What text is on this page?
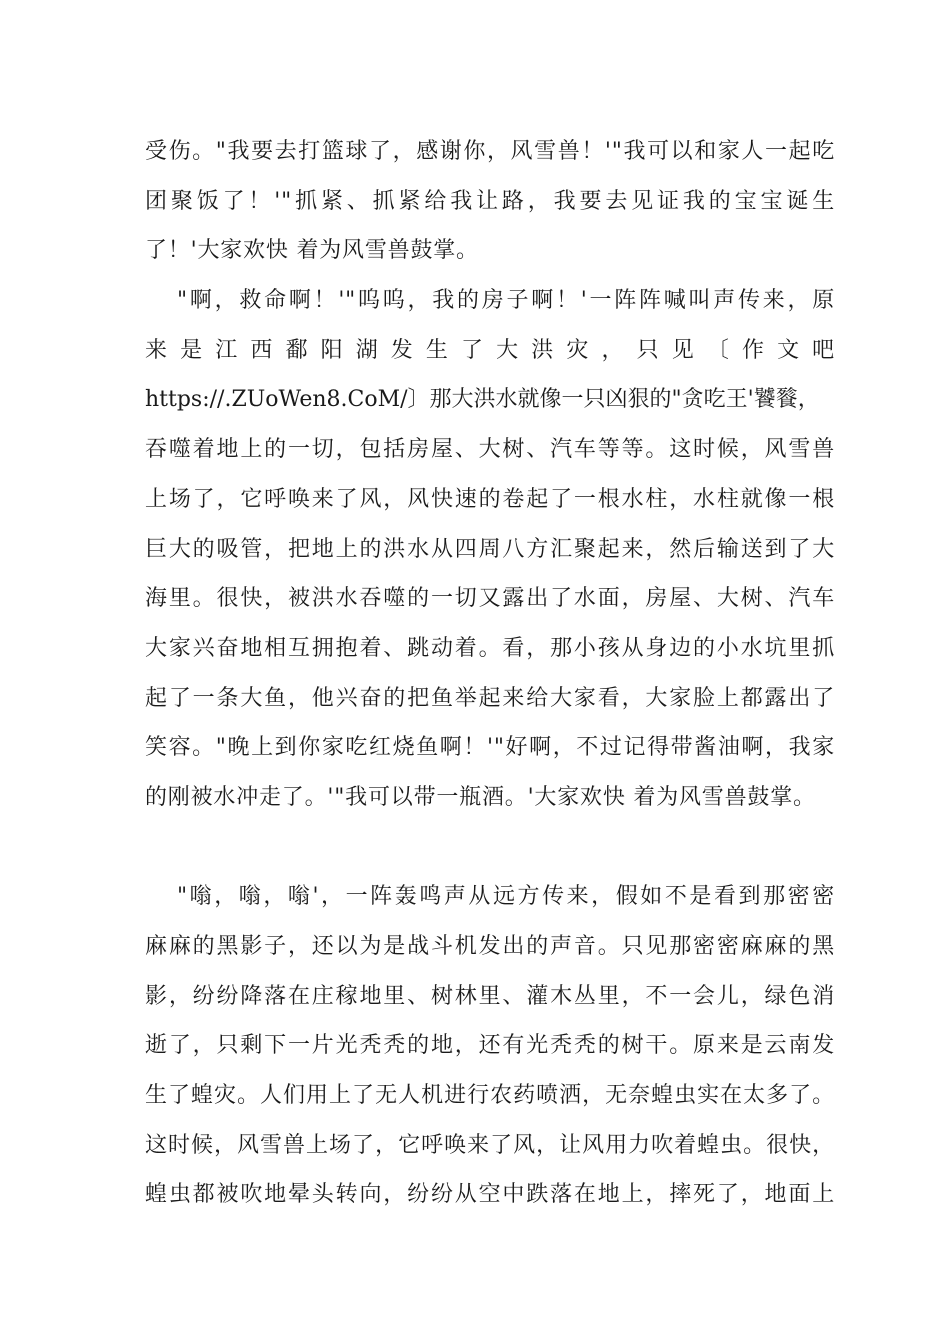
受伤。"我要去打篮球了，感谢你，风雪兽！'"我可以和家人一起吃
团聚饭了！'"抓紧、抓紧给我让路，我要去见证我的宝宝诞生
了！'大家欢快 着为风雪兽鼓掌。
"啊，救命啊！'"呜呜，我的房子啊！'一阵阵喊叫声传来，原
来是江西鄱阳湖发生了大洪灾，只见〔作文吧
https://.ZUoWen8.CoM/〕那大洪水就像一只凶狠的"贪吃王'饕餮，
吞噬着地上的一切，包括房屋、大树、汽车等等。这时候，风雪兽
上场了，它呼唤来了风，风快速的卷起了一根水柱，水柱就像一根
巨大的吸管，把地上的洪水从四周八方汇聚起来，然后输送到了大
海里。很快，被洪水吞噬的一切又露出了水面，房屋、大树、汽车
大家兴奋地相互拥抱着、跳动着。看，那小孩从身边的小水坑里抓
起了一条大鱼，他兴奋的把鱼举起来给大家看，大家脸上都露出了
笑容。"晚上到你家吃红烧鱼啊！'"好啊，不过记得带酱油啊，我家
的刚被水冲走了。'"我可以带一瓶酒。'大家欢快 着为风雪兽鼓掌。
"嗡，嗡，嗡'，一阵轰鸣声从远方传来，假如不是看到那密密
麻麻的黑影子，还以为是战斗机发出的声音。只见那密密麻麻的黑
影，纷纷降落在庄稼地里、树林里、灌木丛里，不一会儿，绿色消
逝了，只剩下一片光秃秃的地，还有光秃秃的树干。原来是云南发
生了蝗灾。人们用上了无人机进行农药喷洒，无奈蝗虫实在太多了。
这时候，风雪兽上场了，它呼唤来了风，让风用力吹着蝗虫。很快，
蝗虫都被吹地晕头转向，纷纷从空中跌落在地上，摔死了，地面上
